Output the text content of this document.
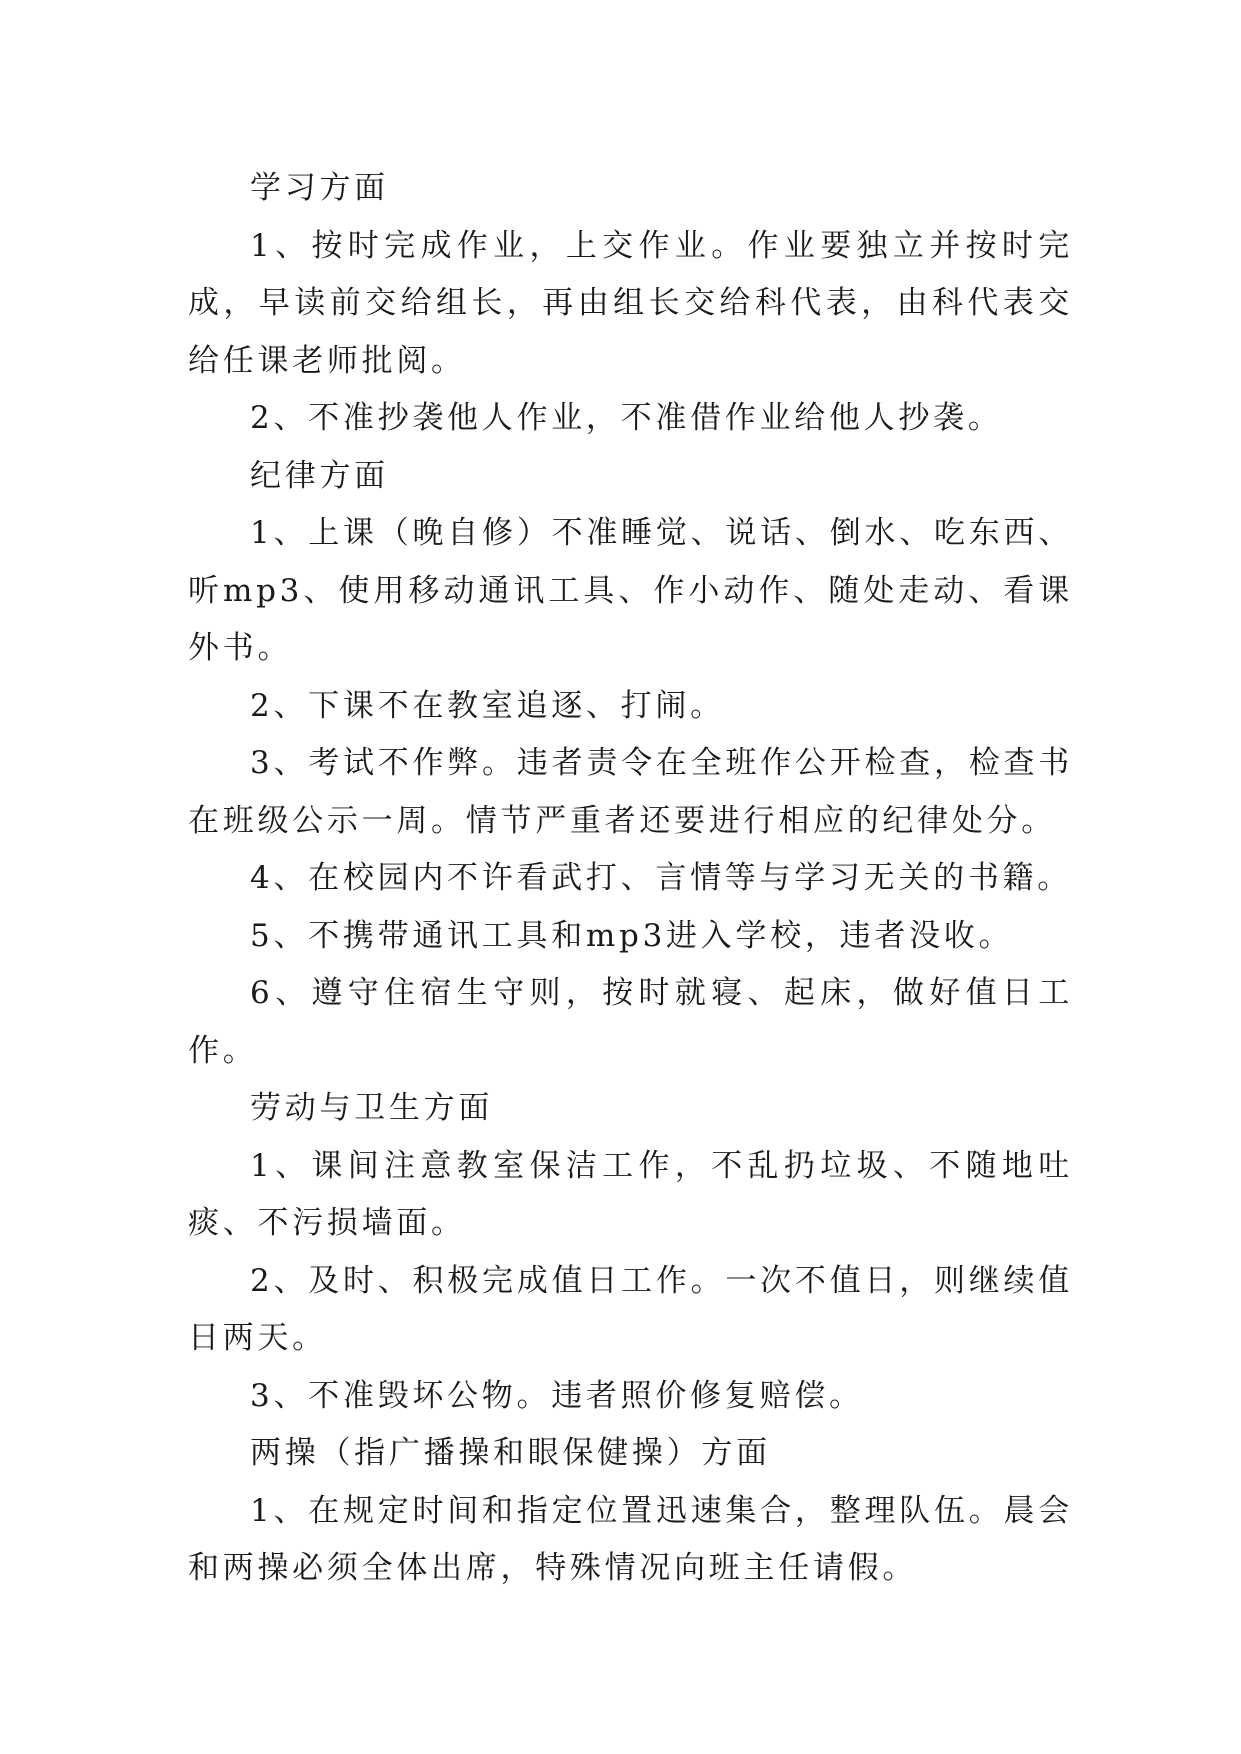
学习方面

1、按时完成作业，上交作业。作业要独立并按时完成，早读前交给组长，再由组长交给科代表，由科代表交给任课老师批阅。

2、不准抄袭他人作业，不准借作业给他人抄袭。

纪律方面

1、上课（晚自修）不准睡觉、说话、倒水、吃东西、听mp3、使用移动通讯工具、作小动作、随处走动、看课外书。

2、下课不在教室追逐、打闹。

3、考试不作弊。违者责令在全班作公开检查，检查书在班级公示一周。情节严重者还要进行相应的纪律处分。

4、在校园内不许看武打、言情等与学习无关的书籍。

5、不携带通讯工具和mp3进入学校，违者没收。

6、遵守住宿生守则，按时就寝、起床，做好值日工作。

劳动与卫生方面

1、课间注意教室保洁工作，不乱扔垃圾、不随地吐痰、不污损墙面。

2、及时、积极完成值日工作。一次不值日，则继续值日两天。

3、不准毁坏公物。违者照价修复赔偿。

两操（指广播操和眼保健操）方面

1、在规定时间和指定位置迅速集合，整理队伍。晨会和两操必须全体出席，特殊情况向班主任请假。
